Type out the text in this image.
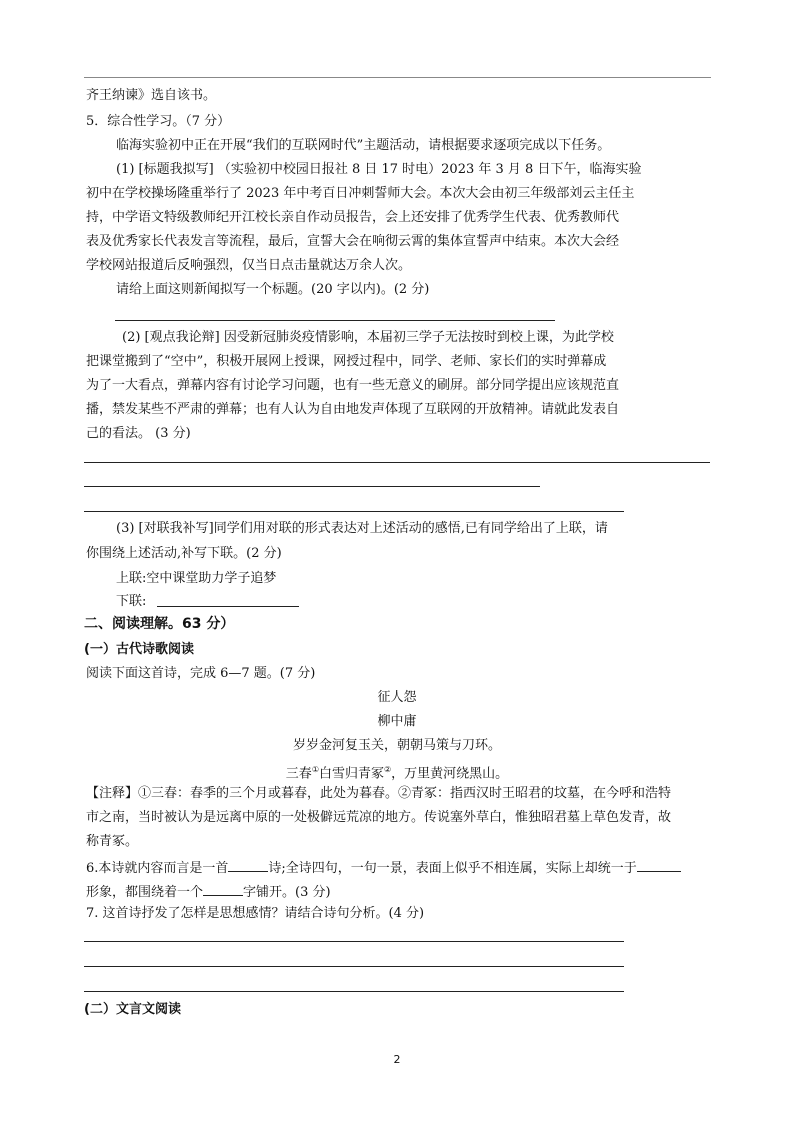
齐王纳谏》选自该书。
5．综合性学习。（7 分）
临海实验初中正在开展“我们的互联网时代”主题活动，请根据要求逐项完成以下任务。
(1) [标题我拟写] （实验初中校园日报社 8 日 17 时电）2023 年 3 月 8 日下午，临海实验
初中在学校操场隆重举行了 2023 年中考百日冲刺誓师大会。本次大会由初三年级部刘云主任主
持，中学语文特级教师纪开江校长亲自作动员报告，会上还安排了优秀学生代表、优秀教师代
表及优秀家长代表发言等流程，最后，宣誓大会在响彻云霄的集体宣誓声中结束。本次大会经
学校网站报道后反响强烈，仅当日点击量就达万余人次。
请给上面这则新闻拟写一个标题。(20 字以内)。(2 分)
(2) [观点我论辩] 因受新冠肺炎疫情影响，本届初三学子无法按时到校上课，为此学校
把课堂搬到了“空中”，积极开展网上授课，网授过程中，同学、老师、家长们的实时弹幕成
为了一大看点，弹幕内容有讨论学习问题，也有一些无意义的刷屏。部分同学提出应该规范直
播，禁发某些不严肃的弹幕；也有人认为自由地发声体现了互联网的开放精神。请就此发表自
己的看法。 (3 分)
(3) [对联我补写]同学们用对联的形式表达对上述活动的感悟,已有同学给出了上联，请
你围绕上述活动,补写下联。(2 分)
上联:空中课堂助力学子追梦
下联:
二、阅读理解。63 分）
(一）古代诗歌阅读
阅读下面这首诗，完成 6—7 题。(7 分)
征人怨
柳中庸
岁岁金河复玉关，朝朝马策与刀环。
三春①白雪归青冢②，万里黄河绕黑山。
【注释】①三春：春季的三个月或暮春，此处为暮春。②青冢：指西汉时王昭君的坟墓，在今呼和浩特
市之南，当时被认为是远离中原的一处极僻远荒凉的地方。传说塞外草白，惟独昭君墓上草色发青，故
称青冢。
6.本诗就内容而言是一首	诗;全诗四句，一句一景，表面上似乎不相连属，实际上却统一于
形象，都围绕着一个	字铺开。(3 分)
7. 这首诗抒发了怎样是思想感情？请结合诗句分析。(4 分)
(二）文言文阅读
2
